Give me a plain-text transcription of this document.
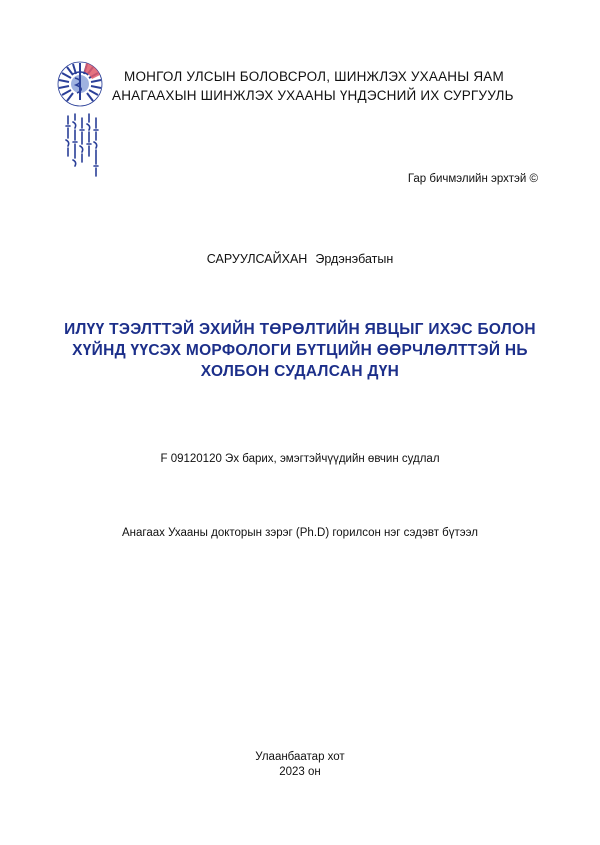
МОНГОЛ УЛСЫН БОЛОВСРОЛ, ШИНЖЛЭХ УХААНЫ ЯАМ
АНАГААХЫН ШИНЖЛЭХ УХААНЫ ҮНДЭСНИЙ ИХ СУРГУУЛЬ
Гар бичмэлийн эрхтэй ©
САРУУЛСАЙХАН Эрдэнэбатын
ИЛҮҮ ТЭЭЛТТЭЙ ЭХИЙН ТӨРӨЛТИЙН ЯВЦЫГ ИХЭС БОЛОН
ХҮЙНД ҮҮСЭХ МОРФОЛОГИ БҮТЦИЙН ӨӨРЧЛӨЛТТЭЙ НЬ
ХОЛБОН СУДАЛСАН ДҮН
F 09120120 Эх барих, эмэгтэйчүүдийн өвчин судлал
Анагаах Ухааны докторын зэрэг (Ph.D) горилсон нэг сэдэвт бүтээл
Улаанбаатар хот
2023 он
